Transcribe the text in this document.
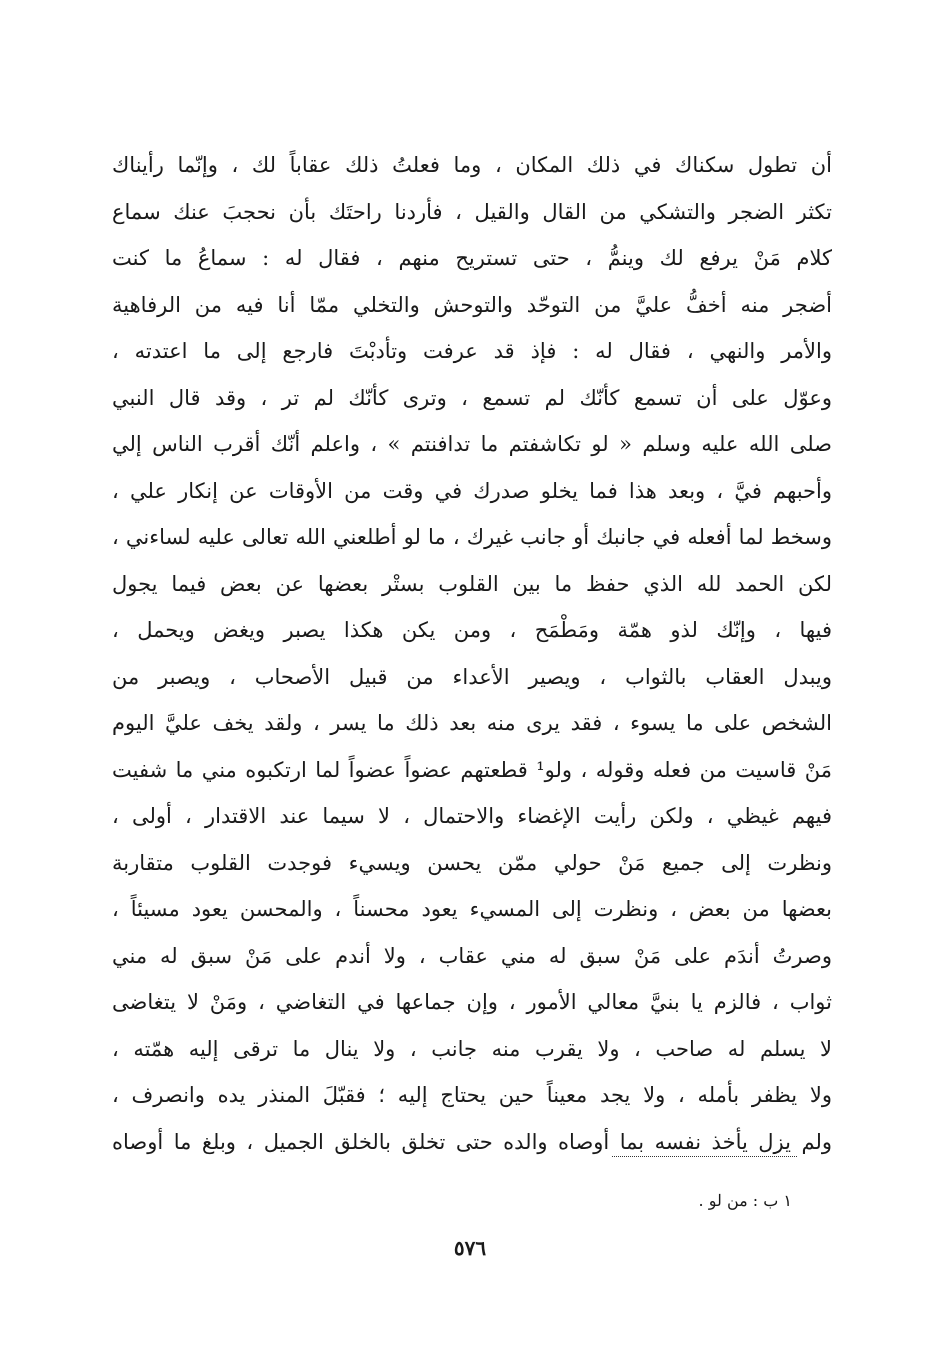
أن تطول سكناك في ذلك المكان ، وما فعلتُ ذلك عقاباً لك ، وإنّما رأيناك
تكثر الضجر والتشكي من القال والقيل ، فأردنا راحتَك بأن نحجبَ عنك سماع
كلام مَنْ يرفع لك وينمُّ ، حتى تستريح منهم ، فقال له : سماعُ ما كنت
أضجر منه أخفُّ عليَّ من التوحّد والتوحش والتخلي ممّا أنا فيه من الرفاهية
والأمر والنهي ، فقال له : فإذ قد عرفت وتأدبْتَ فارجع إلى ما اعتدته ،
وعوّل على أن تسمع كأنّك لم تسمع ، وترى كأنّك لم تر ، وقد قال النبي
صلى الله عليه وسلم « لو تكاشفتم ما تدافنتم » ، واعلم أنّك أقرب الناس إلي
وأحبهم فيَّ ، وبعد هذا فما يخلو صدرك في وقت من الأوقات عن إنكار علي ،
وسخط لما أفعله في جانبك أو جانب غيرك ، ما لو أطلعني الله تعالى عليه لساءني ،
لكن الحمد لله الذي حفظ ما بين القلوب بستْر بعضها عن بعض فيما يجول
فيها ، وإنّك لذو همّة ومَطْمَح ، ومن يكن هكذا يصبر ويغض ويحمل ،
ويبدل العقاب بالثواب ، ويصير الأعداء من قبيل الأصحاب ، ويصبر من
الشخص على ما يسوء ، فقد يرى منه بعد ذلك ما يسر ، ولقد يخف عليَّ اليوم
مَنْ قاسيت من فعله وقوله ، ولو¹ قطعتهم عضواً عضواً لما ارتكبوه مني ما شفيت
فيهم غيظي ، ولكن رأيت الإغضاء والاحتمال ، لا سيما عند الاقتدار ، أولى ،
ونظرت إلى جميع مَنْ حولي ممّن يحسن ويسيء فوجدت القلوب متقاربة
بعضها من بعض ، ونظرت إلى المسيء يعود محسناً ، والمحسن يعود مسيئاً ،
وصرتُ أندَم على مَنْ سبق له مني عقاب ، ولا أندم على مَنْ سبق له مني
ثواب ، فالزم يا بنيَّ معالي الأمور ، وإن جماعها في التغاضي ، ومَنْ لا يتغاضى
لا يسلم له صاحب ، ولا يقرب منه جانب ، ولا ينال ما ترقى إليه همّته ،
ولا يظفر بأمله ، ولا يجد معيناً حين يحتاج إليه ؛ فقبّلَ المنذر يده وانصرف ،
ولم يزل يأخذ نفسه بما أوصاه والده حتى تخلق بالخلق الجميل ، وبلغ ما أوصاه
١ ب : من لو .
٥٧٦
